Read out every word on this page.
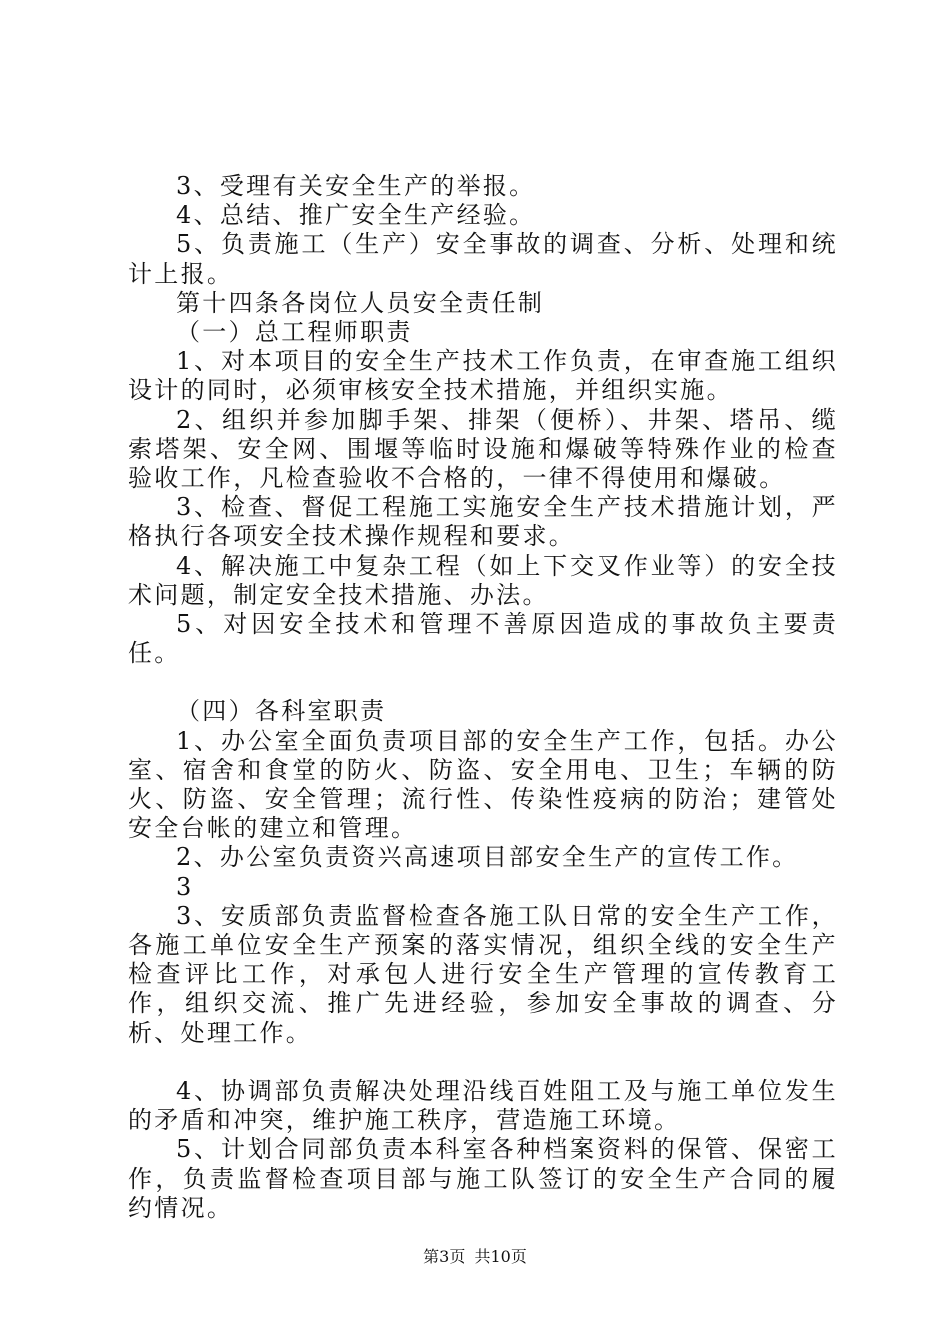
3、受理有关安全生产的举报。

4、总结、推广安全生产经验。

5、负责施工（生产）安全事故的调查、分析、处理和统计上报。

第十四条各岗位人员安全责任制

（一）总工程师职责

1、对本项目的安全生产技术工作负责，在审查施工组织设计的同时，必须审核安全技术措施，并组织实施。

2、组织并参加脚手架、排架（便桥）、井架、塔吊、缆索塔架、安全网、围堰等临时设施和爆破等特殊作业的检查验收工作，凡检查验收不合格的，一律不得使用和爆破。

3、检查、督促工程施工实施安全生产技术措施计划，严格执行各项安全技术操作规程和要求。

4、解决施工中复杂工程（如上下交叉作业等）的安全技术问题，制定安全技术措施、办法。

5、对因安全技术和管理不善原因造成的事故负主要责任。

（四）各科室职责

1、办公室全面负责项目部的安全生产工作，包括。办公室、宿舍和食堂的防火、防盗、安全用电、卫生；车辆的防火、防盗、安全管理；流行性、传染性疫病的防治；建管处安全台帐的建立和管理。

2、办公室负责资兴高速项目部安全生产的宣传工作。

3

3、安质部负责监督检查各施工队日常的安全生产工作，各施工单位安全生产预案的落实情况，组织全线的安全生产检查评比工作，对承包人进行安全生产管理的宣传教育工作，组织交流、推广先进经验，参加安全事故的调查、分析、处理工作。

4、协调部负责解决处理沿线百姓阻工及与施工单位发生的矛盾和冲突，维护施工秩序，营造施工环境。

5、计划合同部负责本科室各种档案资料的保管、保密工作，负责监督检查项目部与施工队签订的安全生产合同的履约情况。

第3页 共10页
